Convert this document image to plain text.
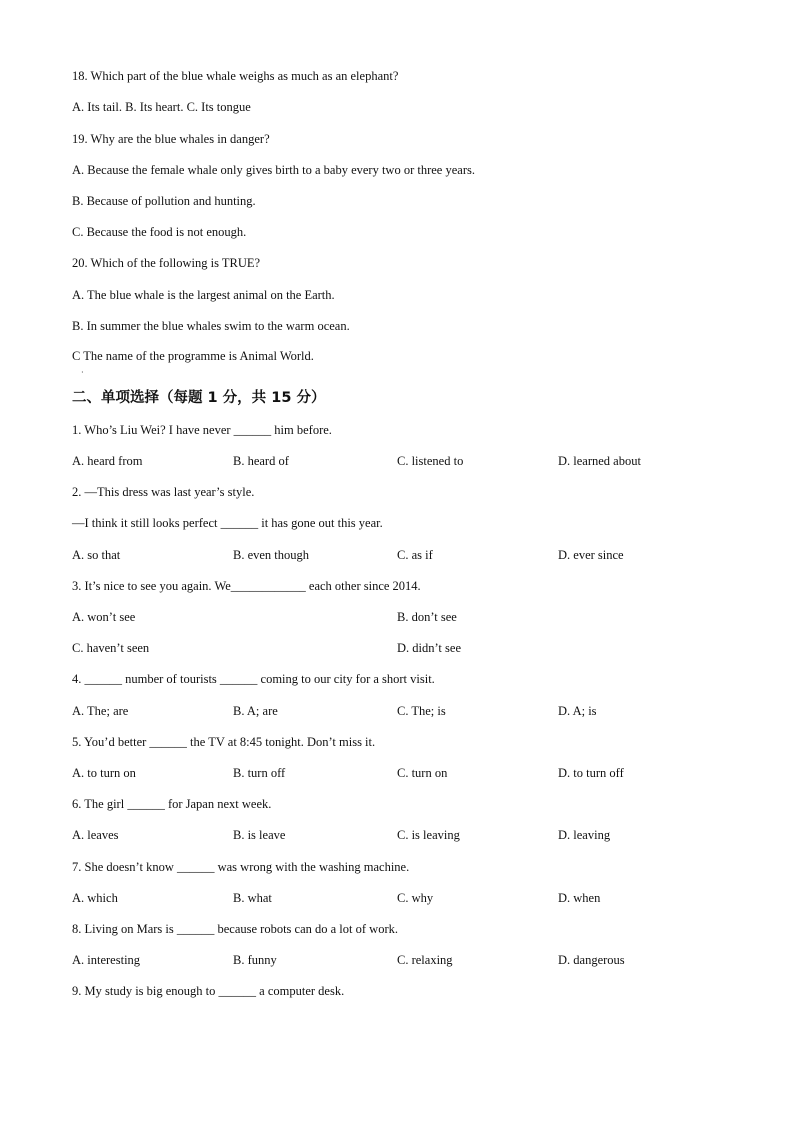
18. Which part of the blue whale weighs as much as an elephant?
A. Its tail. B. Its heart. C. Its tongue
19. Why are the blue whales in danger?
A. Because the female whale only gives birth to a baby every two or three years.
B. Because of pollution and hunting.
C. Because the food is not enough.
20. Which of the following is TRUE?
A. The blue whale is the largest animal on the Earth.
B. In summer the blue whales swim to the warm ocean.
C The name of the programme is Animal World.
·
二、单项选择（每题 1 分，共 15 分）
1. Who’s Liu Wei? I have never ______ him before.
A. heard from	B. heard of	C. listened to	D. learned about
2. —This dress was last year’s style.
—I think it still looks perfect ______ it has gone out this year.
A. so that	B. even though	C. as if	D. ever since
3. It’s nice to see you again. We____________ each other since 2014.
A. won’t see	B. don’t see
C. haven’t seen	D. didn’t see
4. ______ number of tourists ______ coming to our city for a short visit.
A. The; are	B. A; are	C. The; is	D. A; is
5. You’d better ______ the TV at 8:45 tonight. Don’t miss it.
A. to turn on	B. turn off	C. turn on	D. to turn off
6. The girl ______ for Japan next week.
A. leaves	B. is leave	C. is leaving	D. leaving
7. She doesn’t know ______ was wrong with the washing machine.
A. which	B. what	C. why	D. when
8. Living on Mars is ______ because robots can do a lot of work.
A. interesting	B. funny	C. relaxing	D. dangerous
9. My study is big enough to ______ a computer desk.
